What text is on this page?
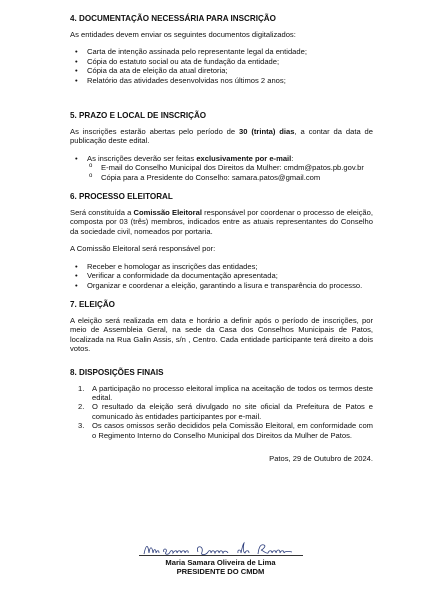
4. DOCUMENTAÇÃO NECESSÁRIA PARA INSCRIÇÃO

As entidades devem enviar os seguintes documentos digitalizados:

• Carta de intenção assinada pelo representante legal da entidade;
• Cópia do estatuto social ou ata de fundação da entidade;
• Cópia da ata de eleição da atual diretoria;
• Relatório das atividades desenvolvidas nos últimos 2 anos;
5. PRAZO E LOCAL DE INSCRIÇÃO

As inscrições estarão abertas pelo período de 30 (trinta) dias, a contar da data de publicação deste edital.

• As inscrições deverão ser feitas exclusivamente por e-mail:
o E-mail do Conselho Municipal dos Direitos da Mulher: cmdm@patos.pb.gov.br
o Cópia para a Presidente do Conselho: samara.patos@gmail.com
6. PROCESSO ELEITORAL

Será constituída a Comissão Eleitoral responsável por coordenar o processo de eleição, composta por 03 (três) membros, indicados entre as atuais representantes do Conselho da sociedade civil, nomeados por portaria.

A Comissão Eleitoral será responsável por:

• Receber e homologar as inscrições das entidades;
• Verificar a conformidade da documentação apresentada;
• Organizar e coordenar a eleição, garantindo a lisura e transparência do processo.
7. ELEIÇÃO

A eleição será realizada em data e horário a definir após o período de inscrições, por meio de Assembleia Geral, na sede da Casa dos Conselhos Municipais de Patos, localizada na Rua Galin Assis, s/n , Centro. Cada entidade participante terá direito a dois votos.

8. DISPOSIÇÕES FINAIS
1. A participação no processo eleitoral implica na aceitação de todos os termos deste edital.
2. O resultado da eleição será divulgado no site oficial da Prefeitura de Patos e comunicado às entidades participantes por e-mail.
3. Os casos omissos serão decididos pela Comissão Eleitoral, em conformidade com o Regimento Interno do Conselho Municipal dos Direitos da Mulher de Patos.

Patos, 29 de Outubro de 2024.

Maria Samara Oliveira de Lima
PRESIDENTE DO CMDM
